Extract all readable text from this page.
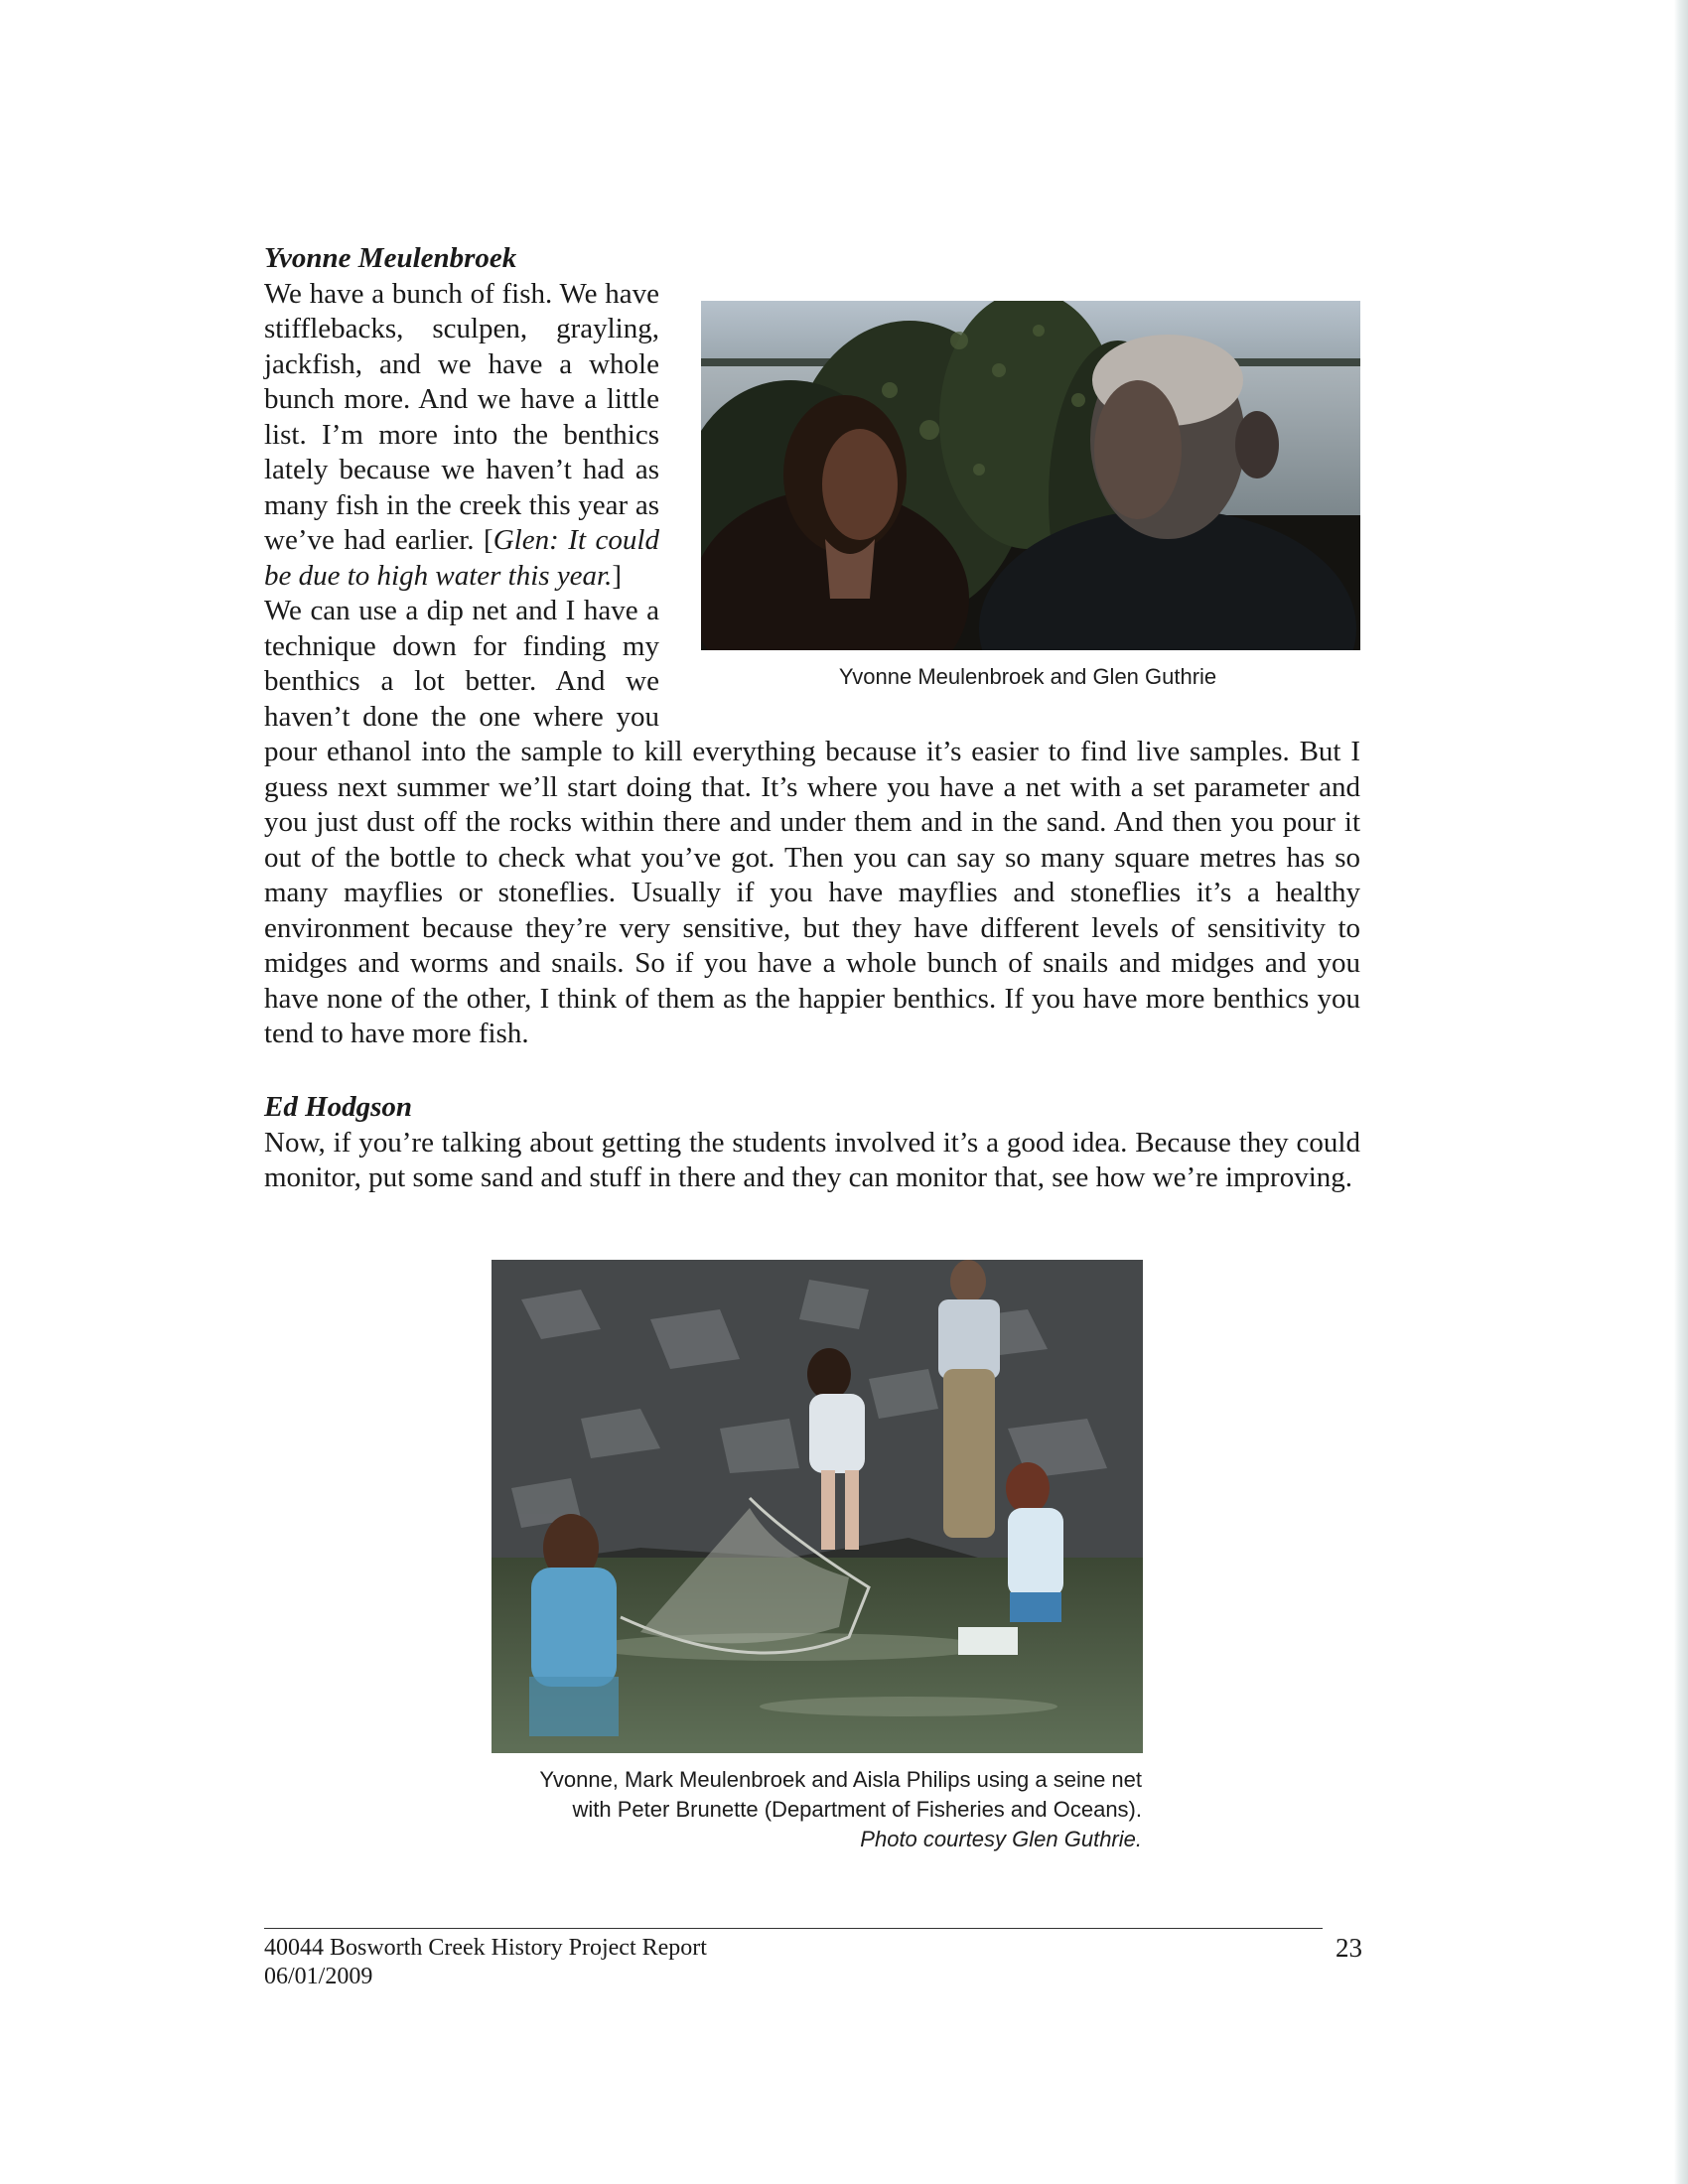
Yvonne Meulenbroek
Yvonne Meulenbroek and Glen Guthrie
We have a bunch of fish. We have stifflebacks, sculpen, grayling, jackfish, and we have a whole bunch more. And we have a little list. I’m more into the benthics lately because we haven’t had as many fish in the creek this year as we’ve had earlier. [Glen: It could be due to high water this year.]
We can use a dip net and I have a technique down for finding my benthics a lot better. And we haven’t done the one where you pour ethanol into the sample to kill everything because it’s easier to find live samples. But I guess next summer we’ll start doing that. It’s where you have a net with a set parameter and you just dust off the rocks within there and under them and in the sand. And then you pour it out of the bottle to check what you’ve got. Then you can say so many square metres has so many mayflies or stoneflies. Usually if you have mayflies and stoneflies it’s a healthy environment because they’re very sensitive, but they have different levels of sensitivity to midges and worms and snails. So if you have a whole bunch of snails and midges and you have none of the other, I think of them as the happier benthics. If you have more benthics you tend to have more fish.
Ed Hodgson
Now, if you’re talking about getting the students involved it’s a good idea. Because they could monitor, put some sand and stuff in there and they can monitor that, see how we’re improving.
Yvonne, Mark Meulenbroek and Aisla Philips using a seine net
with Peter Brunette (Department of Fisheries and Oceans).
Photo courtesy Glen Guthrie.
40044 Bosworth Creek History Project Report
06/01/2009
23
